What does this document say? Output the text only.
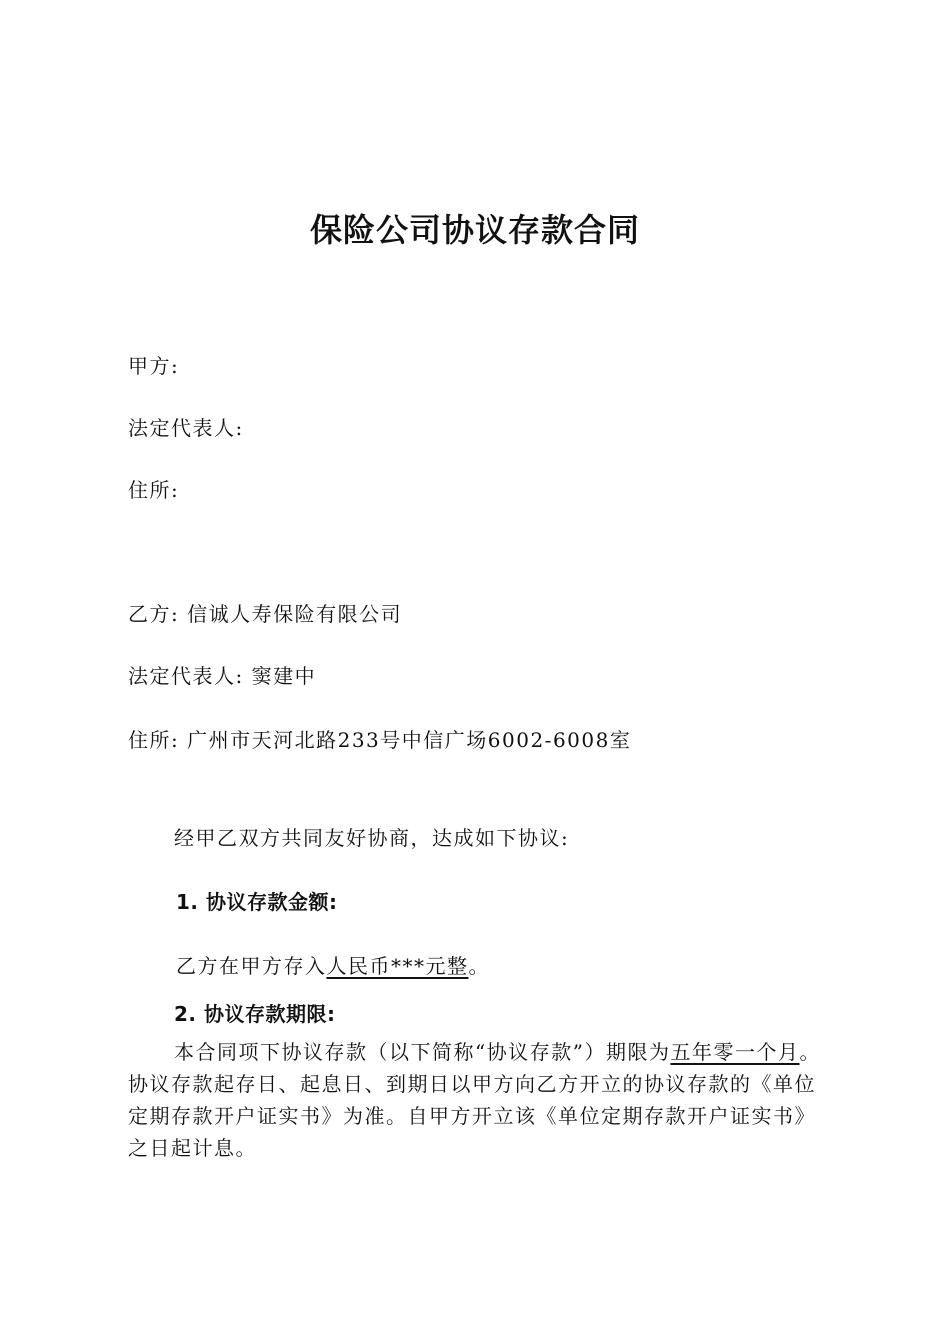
保险公司协议存款合同
甲方:
法定代表人:
住所:
乙方: 信诚人寿保险有限公司
法定代表人: 窦建中
住所: 广州市天河北路233号中信广场6002-6008室
经甲乙双方共同友好协商，达成如下协议:
1. 协议存款金额:
乙方在甲方存入人民币***元整。
2. 协议存款期限:
本合同项下协议存款（以下简称“协议存款”）期限为五年零一个月。协议存款起存日、起息日、到期日以甲方向乙方开立的协议存款的《单位定期存款开户证实书》为准。自甲方开立该《单位定期存款开户证实书》之日起计息。
